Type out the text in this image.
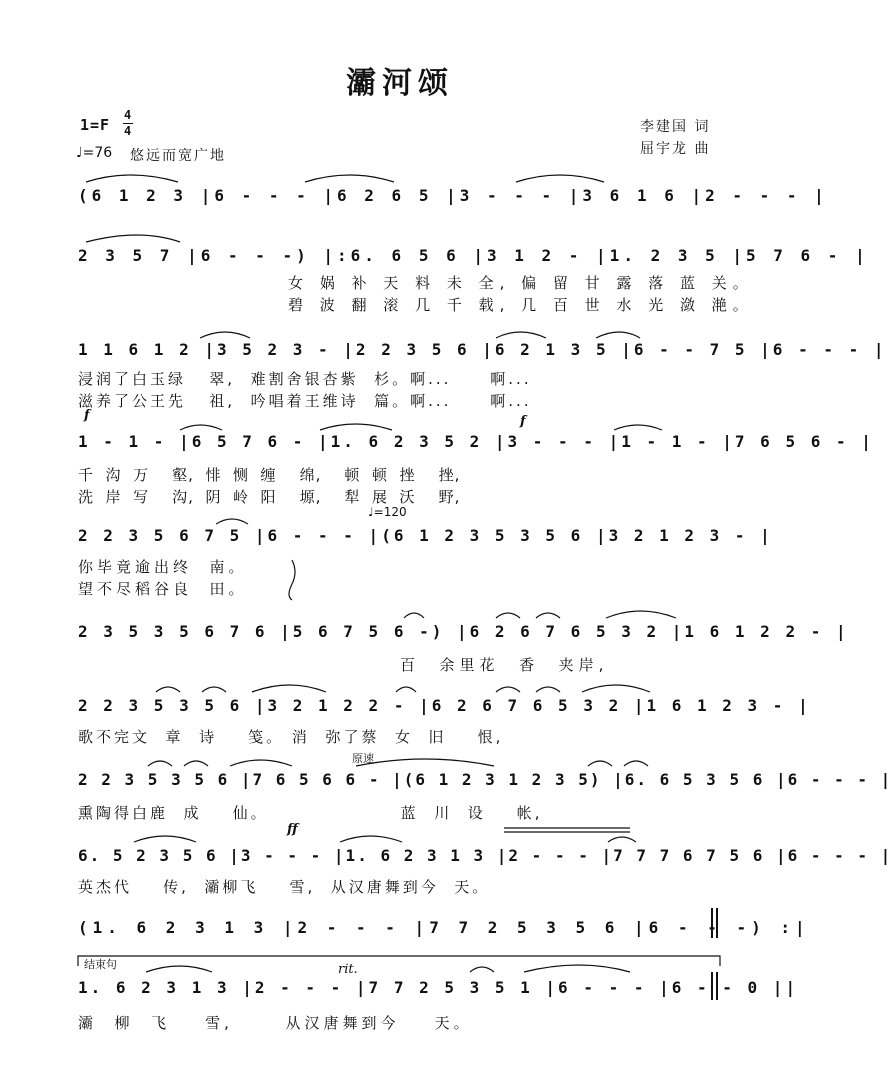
灞河颂
1=F
4
4
♩=76 悠远而宽广地
李建国 词
屈宇龙 曲
(6 1 2 3 |6 - - - |6 2 6 5 |3 - - - |3 6 1 6 |2 - - - |
2 3 5 7 |6 - - -) |:6. 6 5 6 |3 1 2 - |1. 2 3 5 |5 7 6 - |
女 娲 补 天 料 未 全, 偏 留 甘 露 落 蓝 关。
碧 波 翻 滚 几 千 载, 几 百 世 水 光 潋 滟。
1 1 6 1 2 |3 5 2 3 - |2 2 3 5 6 |6 2 1 3 5 |6 - - 7 5 |6 - - - |
浸润了白玉绿   翠,  难割舍银杏紫  杉。啊...     啊...
滋养了公王先   祖,  吟唱着王维诗  篇。啊...     啊...
f	f
1 - 1 - |6 5 7 6 - |1. 6 2 3 5 2 |3 - - - |1 - 1 - |7 6 5 6 - |
千  沟  万    壑,  悱  恻  缠    绵,    顿  顿  挫    挫,
洗  岸  写    沟,  阴  岭  阳    塬,    犁  展  沃    野,
♩=120
2 2 3 5 6 7 5 |6 - - - |(6 1 2 3 5 3 5 6 |3 2 1 2 3 - |
你毕竟逾出终  南。
望不尽稻谷良  田。
2 3 5 3 5 6 7 6 |5 6 7 5 6 -) |6 2 6 7 6 5 3 2 |1 6 1 2 2 - |
百  余里花  香  夹岸,
2 2 3 5 3 5 6 |3 2 1 2 2 - |6 2 6 7 6 5 3 2 |1 6 1 2 3 - |
歌不完文  章  诗    笺。 消  弥了蔡  女  旧    恨,
原速
2 2 3 5 3 5 6 |7 6 5 6 6 - |(6 1 2 3 1 2 3 5) |6. 6 5 3 5 6 |6 - - - |
熏陶得白鹿  成    仙。                 蓝  川  设    帐,
ff
6. 5 2 3 5 6 |3 - - - |1. 6 2 3 1 3 |2 - - - |7 7 7 6 7 5 6 |6 - - - |
英杰代    传,  灞柳飞    雪,  从汉唐舞到今  天。
(1. 6 2 3 1 3 |2 - - - |7 7 2 5 3 5 6 |6 - - -) :|
结束句	rit.
1. 6 2 3 1 3 |2 - - - |7 7 2 5 3 5 1 |6 - - - |6 - - 0 ||
灞  柳  飞    雪,      从汉唐舞到今    天。
